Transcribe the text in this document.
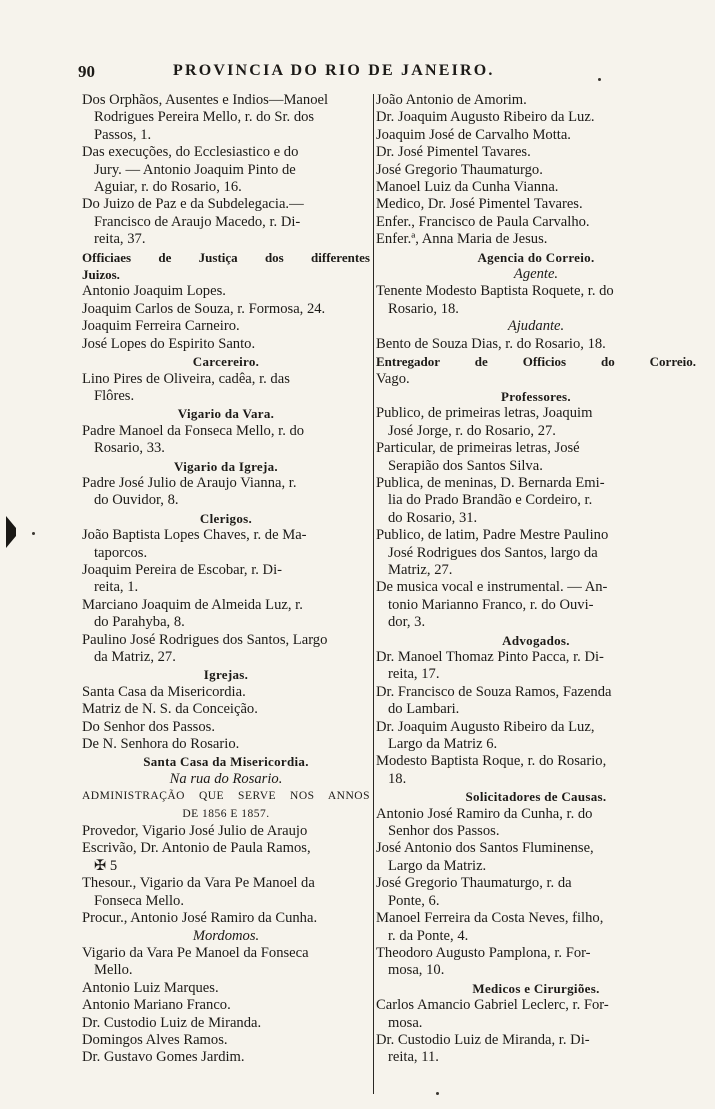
90	PROVINCIA DO RIO DE JANEIRO.
Dos Orphãos, Ausentes e Indios—Manoel
Rodrigues Pereira Mello, r. do Sr. dos
Passos, 1.
Das execuções, do Ecclesiastico e do
Jury. — Antonio Joaquim Pinto de
Aguiar, r. do Rosario, 16.
Do Juizo de Paz e da Subdelegacia.—
Francisco de Araujo Macedo, r. Di-
reita, 37.
Officiaes de Justiça dos differentes
Juizos.
Antonio Joaquim Lopes.
Joaquim Carlos de Souza, r. Formosa, 24.
Joaquim Ferreira Carneiro.
José Lopes do Espirito Santo.
Carcereiro.
Lino Pires de Oliveira, cadêa, r. das
Flôres.
Vigario da Vara.
Padre Manoel da Fonseca Mello, r. do
Rosario, 33.
Vigario da Igreja.
Padre José Julio de Araujo Vianna, r.
do Ouvidor, 8.
Clerigos.
João Baptista Lopes Chaves, r. de Ma-
taporcos.
Joaquim Pereira de Escobar, r. Di-
reita, 1.
Marciano Joaquim de Almeida Luz, r.
do Parahyba, 8.
Paulino José Rodrigues dos Santos, Largo
da Matriz, 27.
Igrejas.
Santa Casa da Misericordia.
Matriz de N. S. da Conceição.
Do Senhor dos Passos.
De N. Senhora do Rosario.
Santa Casa da Misericordia.
Na rua do Rosario.
ADMINISTRAÇÃO QUE SERVE NOS ANNOS
DE 1856 E 1857.
Provedor, Vigario José Julio de Araujo
Escrivão, Dr. Antonio de Paula Ramos,
✠ 5
Thesour., Vigario da Vara Pe Manoel da
Fonseca Mello.
Procur., Antonio José Ramiro da Cunha.
Mordomos.
Vigario da Vara Pe Manoel da Fonseca
Mello.
Antonio Luiz Marques.
Antonio Mariano Franco.
Dr. Custodio Luiz de Miranda.
Domingos Alves Ramos.
Dr. Gustavo Gomes Jardim.
João Antonio de Amorim.
Dr. Joaquim Augusto Ribeiro da Luz.
Joaquim José de Carvalho Motta.
Dr. José Pimentel Tavares.
José Gregorio Thaumaturgo.
Manoel Luiz da Cunha Vianna.
Medico, Dr. José Pimentel Tavares.
Enfer., Francisco de Paula Carvalho.
Enfer.ª, Anna Maria de Jesus.
Agencia do Correio.
Agente.
Tenente Modesto Baptista Roquete, r. do
Rosario, 18.
Ajudante.
Bento de Souza Dias, r. do Rosario, 18.
Entregador de Officios do Correio.
Vago.
Professores.
Publico, de primeiras letras, Joaquim
José Jorge, r. do Rosario, 27.
Particular, de primeiras letras, José
Serapião dos Santos Silva.
Publica, de meninas, D. Bernarda Emi-
lia do Prado Brandão e Cordeiro, r.
do Rosario, 31.
Publico, de latim, Padre Mestre Paulino
José Rodrigues dos Santos, largo da
Matriz, 27.
De musica vocal e instrumental. — An-
tonio Marianno Franco, r. do Ouvi-
dor, 3.
Advogados.
Dr. Manoel Thomaz Pinto Pacca, r. Di-
reita, 17.
Dr. Francisco de Souza Ramos, Fazenda
do Lambari.
Dr. Joaquim Augusto Ribeiro da Luz,
Largo da Matriz 6.
Modesto Baptista Roque, r. do Rosario,
18.
Solicitadores de Causas.
Antonio José Ramiro da Cunha, r. do
Senhor dos Passos.
José Antonio dos Santos Fluminense,
Largo da Matriz.
José Gregorio Thaumaturgo, r. da
Ponte, 6.
Manoel Ferreira da Costa Neves, filho,
r. da Ponte, 4.
Theodoro Augusto Pamplona, r. For-
mosa, 10.
Medicos e Cirurgiões.
Carlos Amancio Gabriel Leclerc, r. For-
mosa.
Dr. Custodio Luiz de Miranda, r. Di-
reita, 11.
